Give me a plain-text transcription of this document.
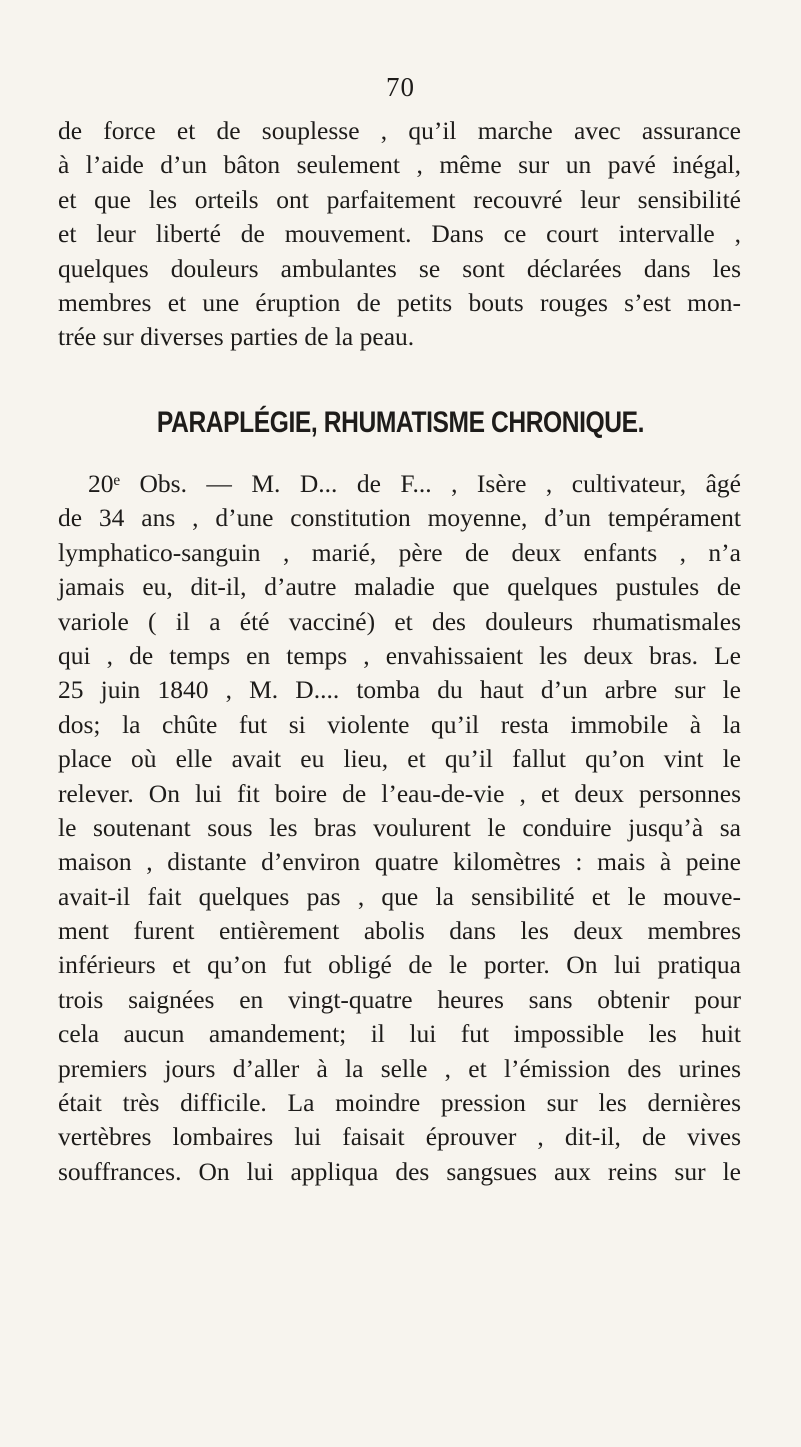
70
de force et de souplesse , qu’il marche avec assurance
à l’aide d’un bâton seulement , même sur un pavé inégal,
et que les orteils ont parfaitement recouvré leur sensibilité
et leur liberté de mouvement. Dans ce court intervalle ,
quelques douleurs ambulantes se sont déclarées dans les
membres et une éruption de petits bouts rouges s’est mon-
trée sur diverses parties de la peau.
PARAPLÉGIE, RHUMATISME CHRONIQUE.
20ᵉ Obs. — M. D... de F... , Isère , cultivateur, âgé
de 34 ans , d’une constitution moyenne, d’un tempérament
lymphatico-sanguin , marié, père de deux enfants , n’a
jamais eu, dit-il, d’autre maladie que quelques pustules de
variole ( il a été vacciné) et des douleurs rhumatismales
qui , de temps en temps , envahissaient les deux bras. Le
25 juin 1840 , M. D.... tomba du haut d’un arbre sur le
dos; la chûte fut si violente qu’il resta immobile à la
place où elle avait eu lieu, et qu’il fallut qu’on vint le
relever. On lui fit boire de l’eau-de-vie , et deux personnes
le soutenant sous les bras voulurent le conduire jusqu’à sa
maison , distante d’environ quatre kilomètres : mais à peine
avait-il fait quelques pas , que la sensibilité et le mouve-
ment furent entièrement abolis dans les deux membres
inférieurs et qu’on fut obligé de le porter. On lui pratiqua
trois saignées en vingt-quatre heures sans obtenir pour
cela aucun amandement; il lui fut impossible les huit
premiers jours d’aller à la selle , et l’émission des urines
était très difficile. La moindre pression sur les dernières
vertèbres lombaires lui faisait éprouver , dit-il, de vives
souffrances. On lui appliqua des sangsues aux reins sur le
